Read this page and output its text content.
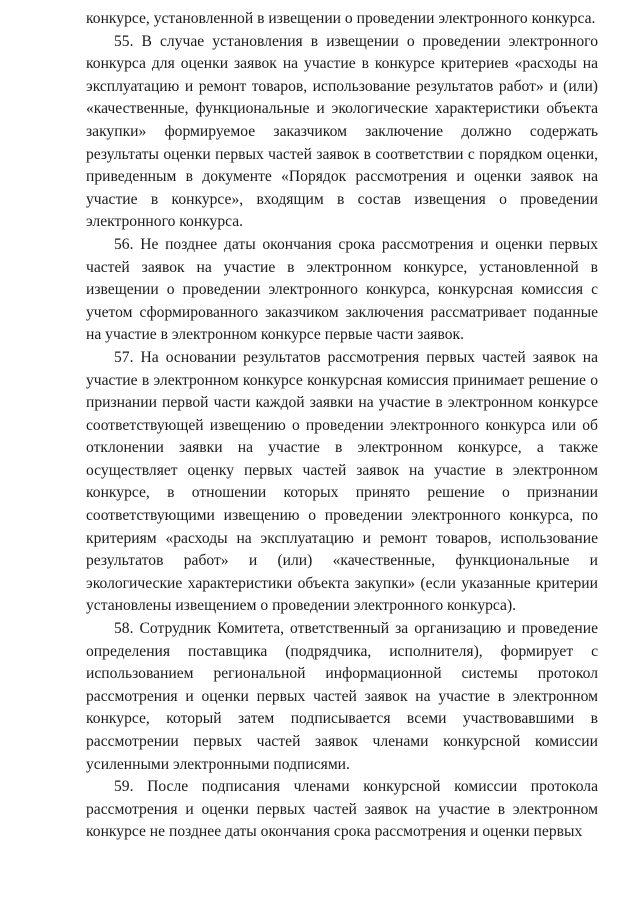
конкурсе, установленной в извещении о проведении электронного конкурса.

55. В случае установления в извещении о проведении электронного конкурса для оценки заявок на участие в конкурсе критериев «расходы на эксплуатацию и ремонт товаров, использование результатов работ» и (или) «качественные, функциональные и экологические характеристики объекта закупки» формируемое заказчиком заключение должно содержать результаты оценки первых частей заявок в соответствии с порядком оценки, приведенным в документе «Порядок рассмотрения и оценки заявок на участие в конкурсе», входящим в состав извещения о проведении электронного конкурса.

56. Не позднее даты окончания срока рассмотрения и оценки первых частей заявок на участие в электронном конкурсе, установленной в извещении о проведении электронного конкурса, конкурсная комиссия с учетом сформированного заказчиком заключения рассматривает поданные на участие в электронном конкурсе первые части заявок.

57. На основании результатов рассмотрения первых частей заявок на участие в электронном конкурсе конкурсная комиссия принимает решение о признании первой части каждой заявки на участие в электронном конкурсе соответствующей извещению о проведении электронного конкурса или об отклонении заявки на участие в электронном конкурсе, а также осуществляет оценку первых частей заявок на участие в электронном конкурсе, в отношении которых принято решение о признании соответствующими извещению о проведении электронного конкурса, по критериям «расходы на эксплуатацию и ремонт товаров, использование результатов работ» и (или) «качественные, функциональные и экологические характеристики объекта закупки» (если указанные критерии установлены извещением о проведении электронного конкурса).

58. Сотрудник Комитета, ответственный за организацию и проведение определения поставщика (подрядчика, исполнителя), формирует с использованием региональной информационной системы протокол рассмотрения и оценки первых частей заявок на участие в электронном конкурсе, который затем подписывается всеми участвовавшими в рассмотрении первых частей заявок членами конкурсной комиссии усиленными электронными подписями.

59. После подписания членами конкурсной комиссии протокола рассмотрения и оценки первых частей заявок на участие в электронном конкурсе не позднее даты окончания срока рассмотрения и оценки первых
